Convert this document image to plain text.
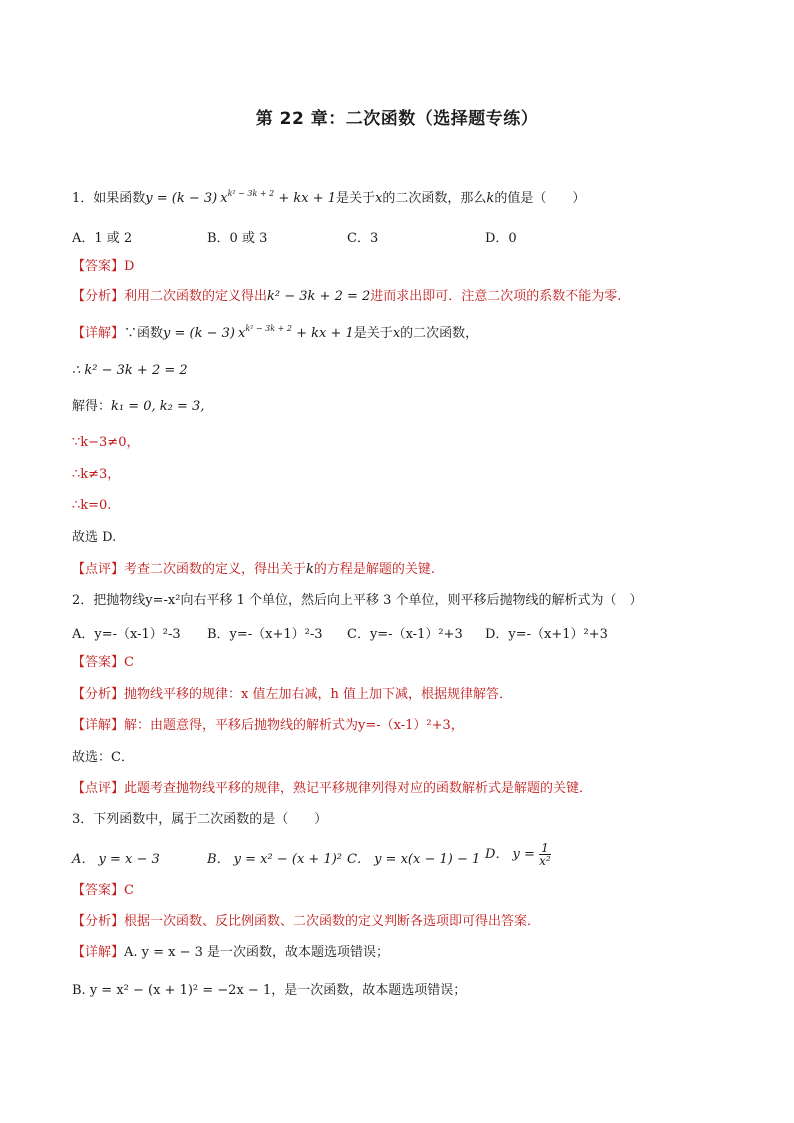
第 22 章：二次函数（选择题专练）
1．如果函数y = (k − 3) $x^{k^2 - 3k + 2}$ + kx + 1是关于x的二次函数，那么k的值是（　　）
A．1 或 2	B．0 或 3	C．3	D．0
【答案】D
【分析】利用二次函数的定义得出k² − 3k + 2 = 2进而求出即可．注意二次项的系数不能为零.
【详解】∵函数y = (k − 3) $x^{k^2 - 3k + 2}$ + kx + 1是关于x的二次函数，
∴ k² − 3k + 2 = 2
解得：k₁ = 0, k₂ = 3,
∵k−3≠0，
∴k≠3，
∴k=0.
故选 D.
【点评】考查二次函数的定义，得出关于k的方程是解题的关键.
2．把抛物线y=-x²向右平移 1 个单位，然后向上平移 3 个单位，则平移后抛物线的解析式为（　）
A．y=-（x-1）²-3 B．y=-（x+1）²-3 C．y=-（x-1）²+3 D．y=-（x+1）²+3
【答案】C
【分析】抛物线平移的规律：x 值左加右减，h 值上加下减，根据规律解答．
【详解】解：由题意得，平移后抛物线的解析式为y=-（x-1）²+3，
故选：C．
【点评】此题考查抛物线平移的规律，熟记平移规律列得对应的函数解析式是解题的关键．
3．下列函数中，属于二次函数的是（　　）
A． y = x − 3	B． y = x² − (x + 1)² C． y = x(x − 1) − 1 D． $y = \frac{1}{\text{x²}}$
【答案】C
【分析】根据一次函数、反比例函数、二次函数的定义判断各选项即可得出答案．
【详解】A. y = x − 3 是一次函数，故本题选项错误；
B. y = x² − (x + 1)² = −2x − 1，是一次函数，故本题选项错误；
